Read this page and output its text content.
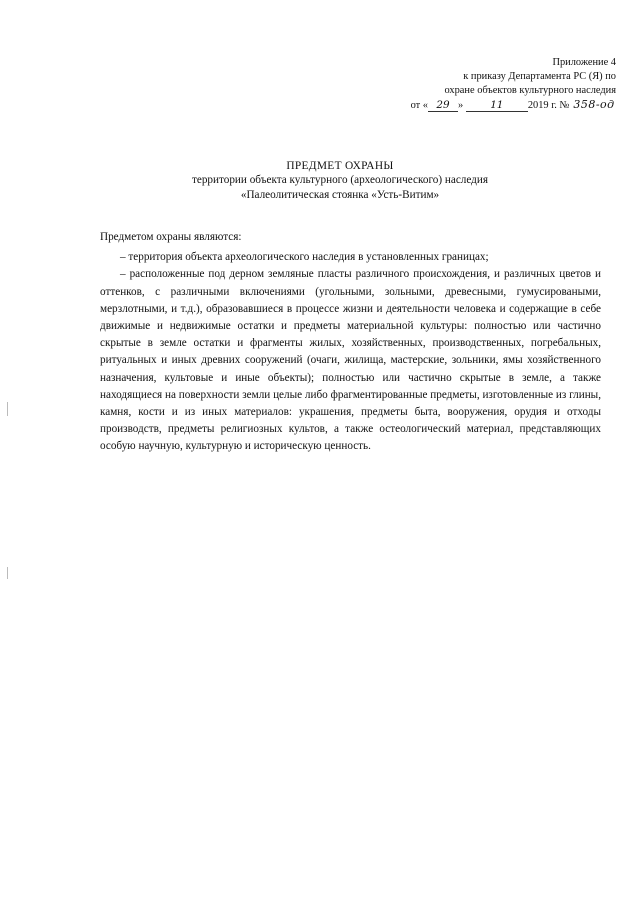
Приложение 4
к приказу Департамента РС (Я) по
охране объектов культурного наследия
от « 29 »	11 2019 г. № 358-од
ПРЕДМЕТ ОХРАНЫ
территории объекта культурного (археологического) наследия
«Палеолитическая стоянка «Усть-Витим»

Предметом охраны являются:

– территория объекта археологического наследия в установленных границах;

– расположенные под дерном земляные пласты различного происхождения, и различных цветов и оттенков, с различными включениями (угольными, зольными, древесными, гумусироваными, мерзлотными, и т.д.), образовавшиеся в процессе жизни и деятельности человека и содержащие в себе движимые и недвижимые остатки и предметы материальной культуры: полностью или частично скрытые в земле остатки и фрагменты жилых, хозяйственных, производственных, погребальных, ритуальных и иных древних сооружений (очаги, жилища, мастерские, зольники, ямы хозяйственного назначения, культовые и иные объекты); полностью или частично скрытые в земле, а также находящиеся на поверхности земли целые либо фрагментированные предметы, изготовленные из глины, камня, кости и из иных материалов: украшения, предметы быта, вооружения, орудия и отходы производств, предметы религиозных культов, а также остеологический материал, представляющих особую научную, культурную и историческую ценность.
